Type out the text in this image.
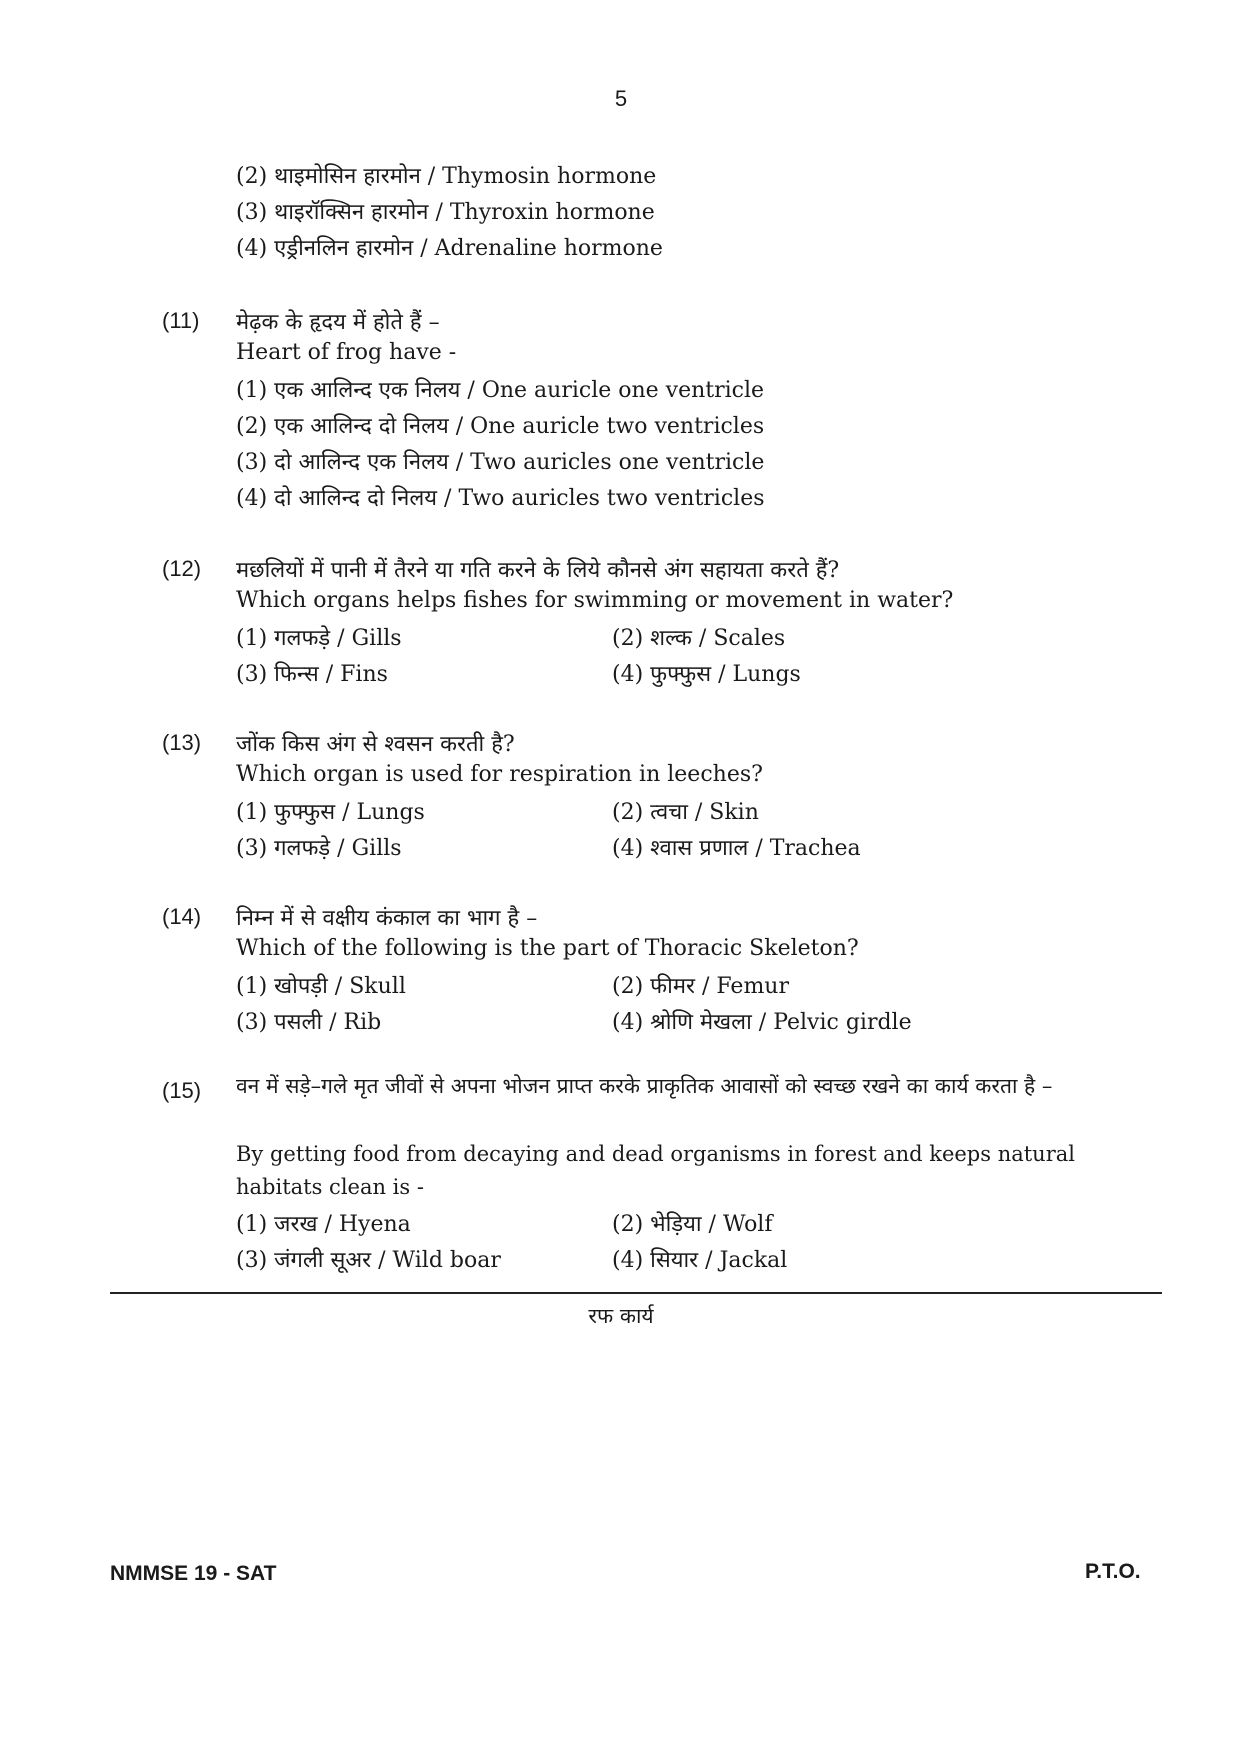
5
(2) थाइमोसिन हारमोन / Thymosin hormone
(3) थाइरॉक्सिन हारमोन / Thyroxin hormone
(4) एड्रीनलिन हारमोन / Adrenaline hormone
(11) मेढ़क के हृदय में होते हैं –
Heart of frog have -
(1) एक आलिन्द एक निलय / One auricle one ventricle
(2) एक आलिन्द दो निलय / One auricle two ventricles
(3) दो आलिन्द एक निलय / Two auricles one ventricle
(4) दो आलिन्द दो निलय / Two auricles two ventricles
(12) मछलियों में पानी में तैरने या गति करने के लिये कौनसे अंग सहायता करते हैं?
Which organs helps fishes for swimming or movement in water?
(1) गलफड़े / Gills	(2) शल्क / Scales
(3) फिन्स / Fins	(4) फुफ्फुस / Lungs
(13) जोंक किस अंग से श्वसन करती है?
Which organ is used for respiration in leeches?
(1) फुफ्फुस / Lungs	(2) त्वचा / Skin
(3) गलफड़े / Gills	(4) श्वास प्रणाल / Trachea
(14) निम्न में से वक्षीय कंकाल का भाग है –
Which of the following is the part of Thoracic Skeleton?
(1) खोपड़ी / Skull	(2) फीमर / Femur
(3) पसली / Rib	(4) श्रोणि मेखला / Pelvic girdle
(15) वन में सड़े–गले मृत जीवों से अपना भोजन प्राप्त करके प्राकृतिक आवासों को स्वच्छ रखने का कार्य करता है –
By getting food from decaying and dead organisms in forest and keeps natural habitats clean is -
(1) जरख / Hyena	(2) भेड़िया / Wolf
(3) जंगली सूअर / Wild boar	(4) सियार / Jackal
रफ कार्य
NMMSE 19 - SAT	P.T.O.
